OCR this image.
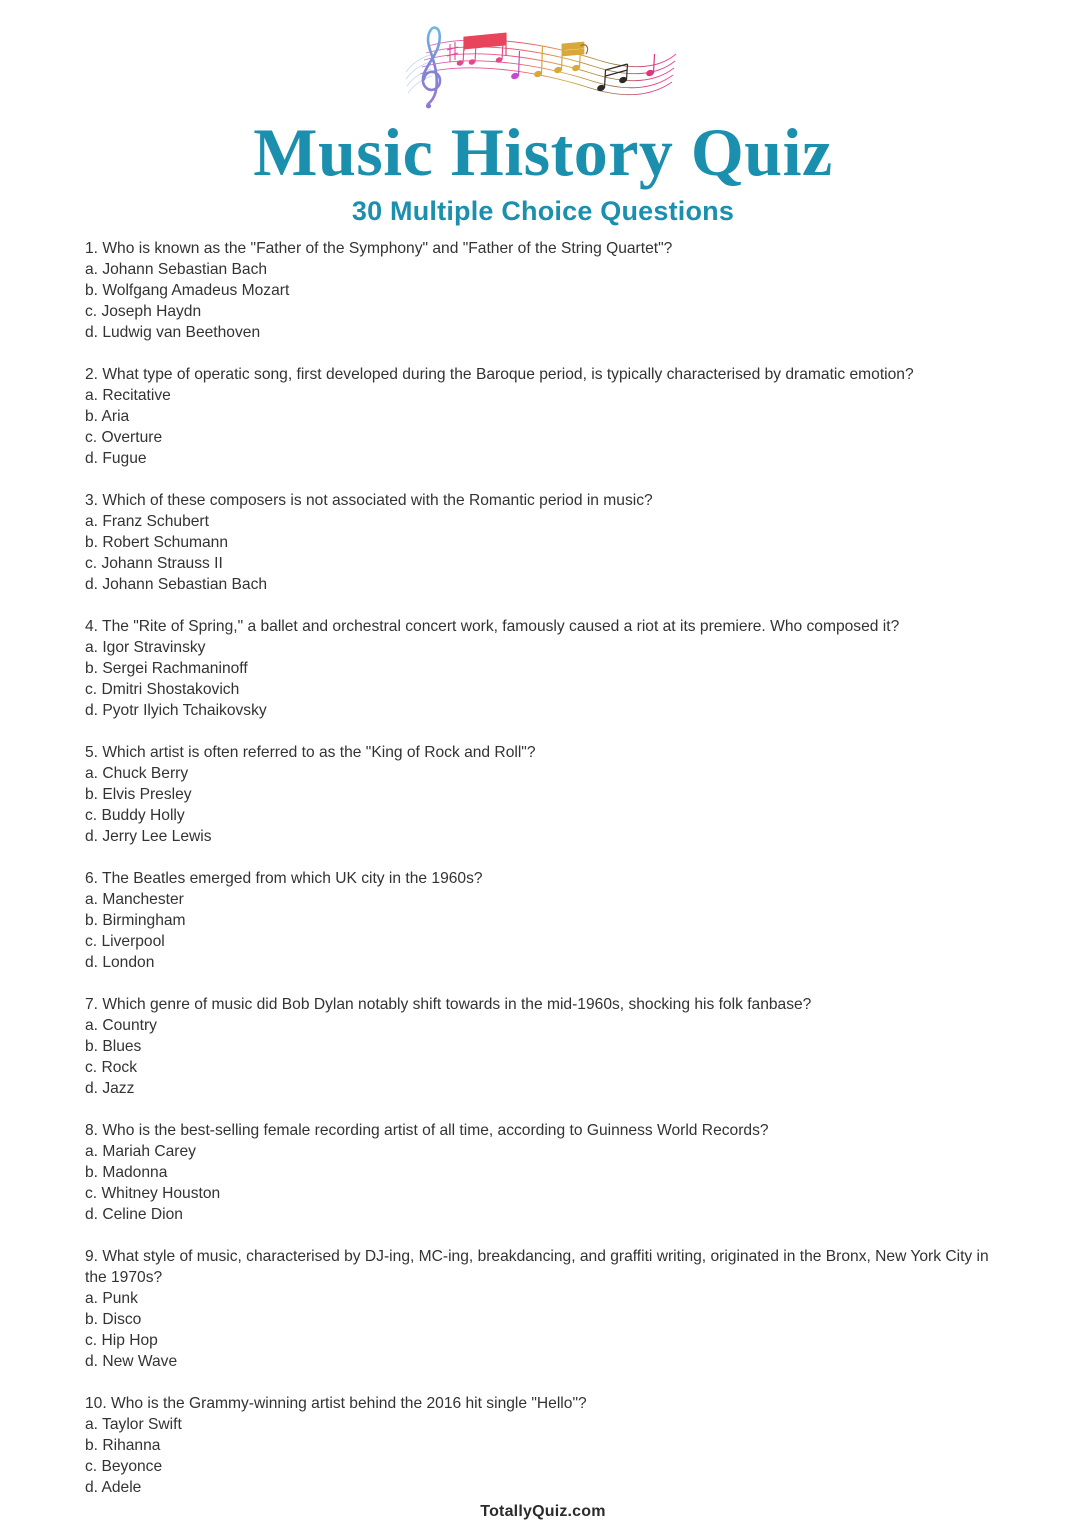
Music History Quiz
30 Multiple Choice Questions

1. Who is known as the "Father of the Symphony" and "Father of the String Quartet"?

a. Johann Sebastian Bach

b. Wolfgang Amadeus Mozart

c. Joseph Haydn

d. Ludwig van Beethoven

2. What type of operatic song, first developed during the Baroque period, is typically characterised by dramatic emotion?

a. Recitative

b. Aria

c. Overture

d. Fugue

3. Which of these composers is not associated with the Romantic period in music?

a. Franz Schubert

b. Robert Schumann

c. Johann Strauss II

d. Johann Sebastian Bach

4. The "Rite of Spring," a ballet and orchestral concert work, famously caused a riot at its premiere. Who composed it?

a. Igor Stravinsky

b. Sergei Rachmaninoff

c. Dmitri Shostakovich

d. Pyotr Ilyich Tchaikovsky

5. Which artist is often referred to as the "King of Rock and Roll"?

a. Chuck Berry

b. Elvis Presley

c. Buddy Holly

d. Jerry Lee Lewis

6. The Beatles emerged from which UK city in the 1960s?

a. Manchester

b. Birmingham

c. Liverpool

d. London

7. Which genre of music did Bob Dylan notably shift towards in the mid-1960s, shocking his folk fanbase?

a. Country

b. Blues

c. Rock

d. Jazz

8. Who is the best-selling female recording artist of all time, according to Guinness World Records?

a. Mariah Carey

b. Madonna

c. Whitney Houston

d. Celine Dion

9. What style of music, characterised by DJ-ing, MC-ing, breakdancing, and graffiti writing, originated in the Bronx, New York City in the 1970s?

a. Punk

b. Disco

c. Hip Hop

d. New Wave

10. Who is the Grammy-winning artist behind the 2016 hit single "Hello"?

a. Taylor Swift

b. Rihanna

c. Beyonce

d. Adele

TotallyQuiz.com
